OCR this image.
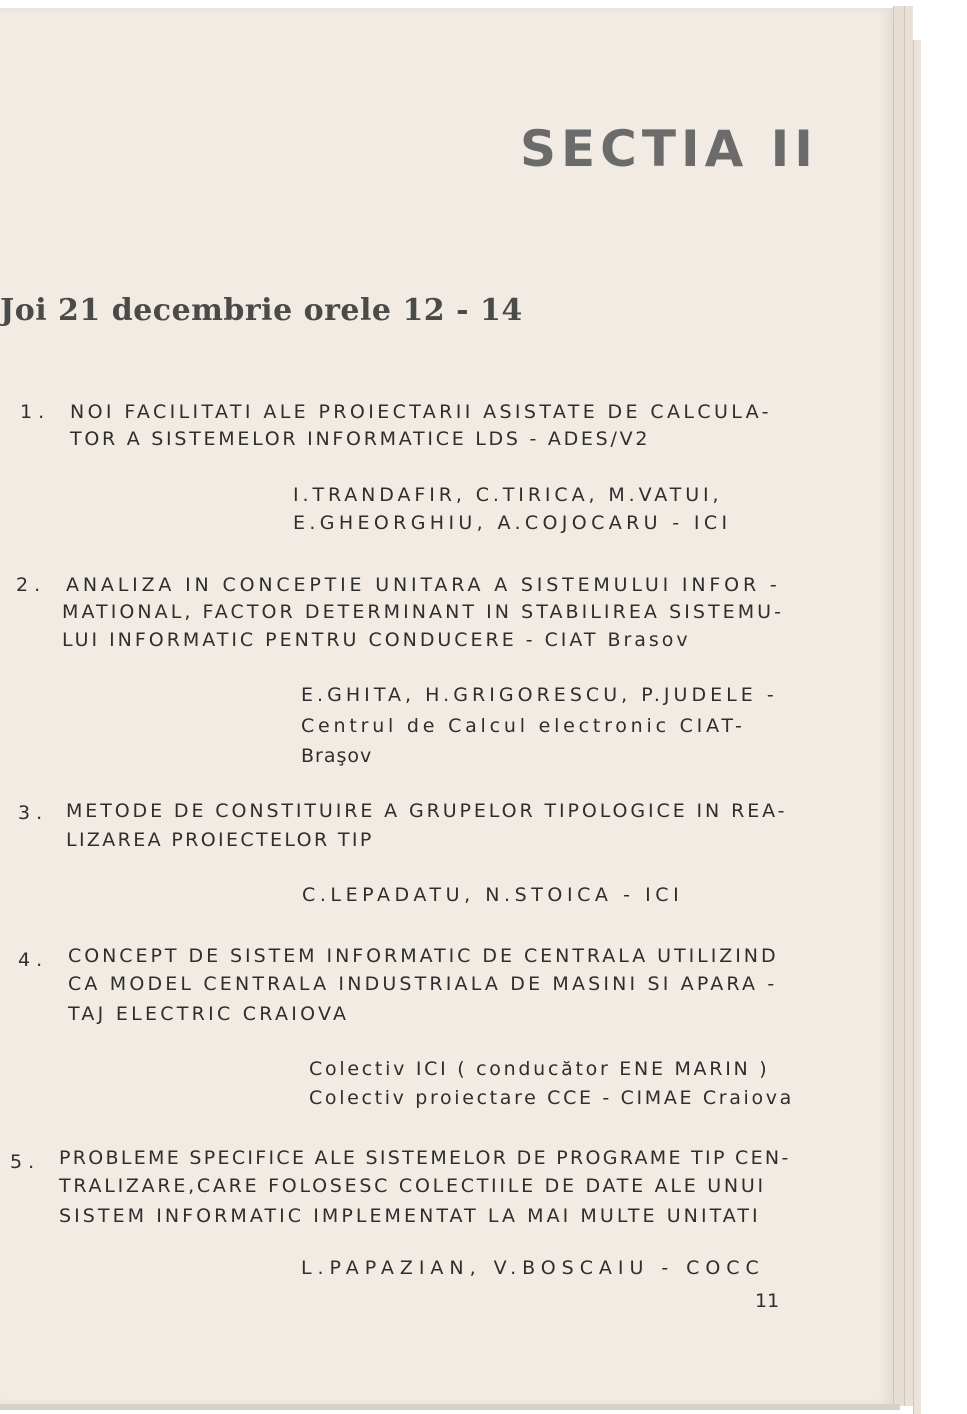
SECTIA II
Joi 21 decembrie orele 12 - 14
1 . NOI FACILITATI ALE PROIECTARII ASISTATE DE CALCULA-
TOR A SISTEMELOR INFORMATICE LDS - ADES/V2
I.TRANDAFIR, C.TIRICA, M.VATUI,
E.GHEORGHIU, A.COJOCARU - ICI
2 . ANALIZA IN CONCEPTIE UNITARA A SISTEMULUI INFOR -
MATIONAL, FACTOR DETERMINANT IN STABILIREA SISTEMU-
LUI INFORMATIC PENTRU CONDUCERE - CIAT Brasov
E.GHITA, H.GRIGORESCU, P.JUDELE -
Centrul de Calcul electronic CIAT-
Braşov
3 . METODE DE CONSTITUIRE A GRUPELOR TIPOLOGICE IN REA-
LIZAREA PROIECTELOR TIP
C.LEPADATU, N.STOICA - ICI
4 . CONCEPT DE SISTEM INFORMATIC DE CENTRALA UTILIZIND
CA MODEL CENTRALA INDUSTRIALA DE MASINI SI APARA -
TAJ ELECTRIC CRAIOVA
Colectiv ICI ( conducător ENE MARIN )
Colectiv proiectare CCE - CIMAE Craiova
5 . PROBLEME SPECIFICE ALE SISTEMELOR DE PROGRAME TIP CEN-
TRALIZARE,CARE FOLOSESC COLECTIILE DE DATE ALE UNUI
SISTEM INFORMATIC IMPLEMENTAT LA MAI MULTE UNITATI
L.PAPAZIAN, V.BOSCAIU - COCC
11
